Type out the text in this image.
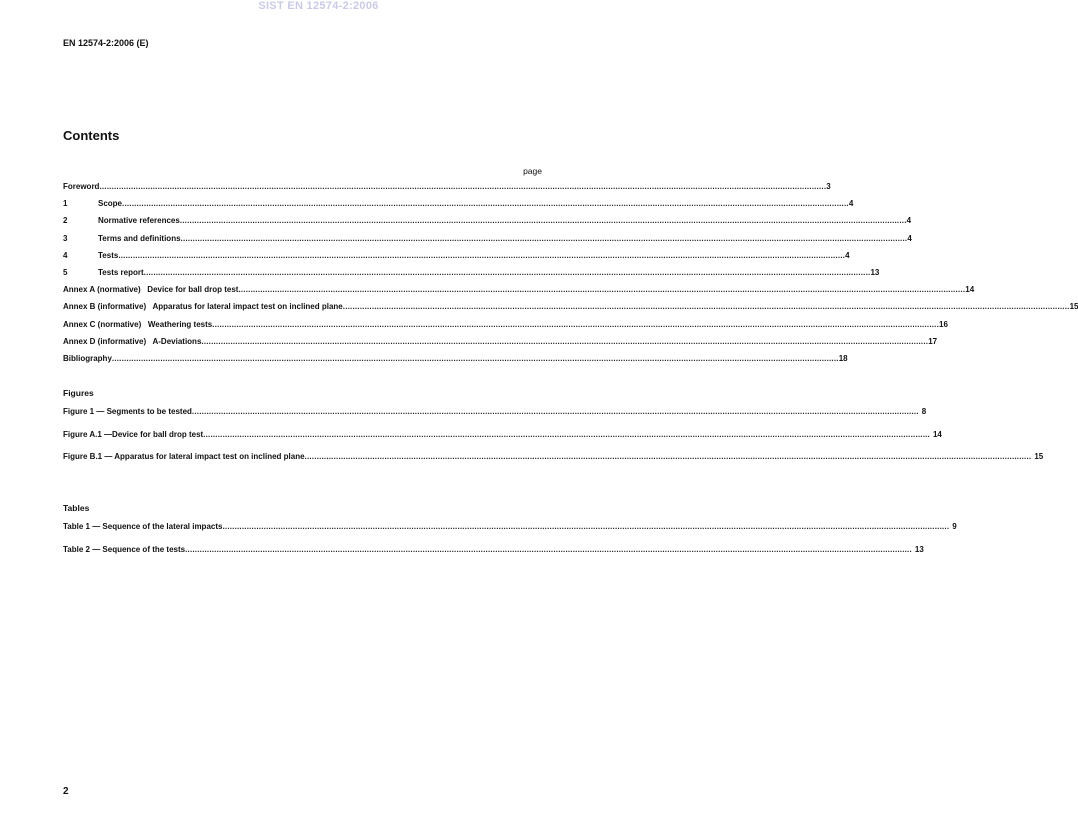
SIST EN 12574-2:2006
EN 12574-2:2006 (E)
Contents
page
Foreword ............................................................................................................................................................................................................................................................................................................ 3
1	Scope ............................................................................................................................................................................................................................................................................................................ 4
2	Normative references ............................................................................................................................................................................................................................................................................................................ 4
3	Terms and definitions ............................................................................................................................................................................................................................................................................................................ 4
4	Tests ............................................................................................................................................................................................................................................................................................................ 4
5	Tests report ............................................................................................................................................................................................................................................................................................................ 13
Annex A (normative)   Device for ball drop test ............................................................................................................................................................................................................................................................................................................ 14
Annex B (informative)   Apparatus for lateral impact test on inclined plane ............................................................................................................................................................................................................................................................................................................ 15
Annex C (normative)   Weathering tests ............................................................................................................................................................................................................................................................................................................ 16
Annex D (informative)   A-Deviations ............................................................................................................................................................................................................................................................................................................ 17
Bibliography ............................................................................................................................................................................................................................................................................................................ 18
Figures
Figure 1 — Segments to be tested ............................................................................................................................................................................................................................................................................................................ 8
Figure A.1 —Device for ball drop test ............................................................................................................................................................................................................................................................................................................ 14
Figure B.1 — Apparatus for lateral impact test on inclined plane ............................................................................................................................................................................................................................................................................................................ 15
Tables
Table 1 — Sequence of the lateral impacts ............................................................................................................................................................................................................................................................................................................ 9
Table 2 — Sequence of the tests ............................................................................................................................................................................................................................................................................................................ 13
2
